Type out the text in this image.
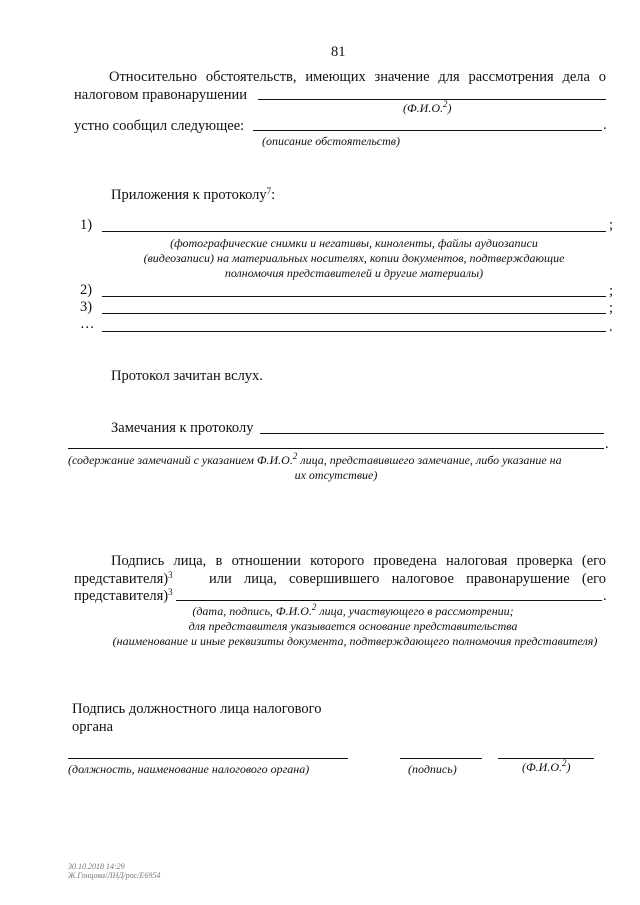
81
Относительно обстоятельств, имеющих значение для рассмотрения дела о
налоговом правонарушении
(Ф.И.О.$^2$)
устно сообщил следующее:	.
(описание обстоятельств)
Приложения к протоколу$^7$:
1)	;
(фотографические снимки и негативы, киноленты, файлы аудиозаписи
(видеозаписи) на материальных носителях, копии документов, подтверждающие
полномочия представителей и другие материалы)
2)	;
3)	;
…	.
Протокол зачитан вслух.
Замечания к протоколу
.
(содержание замечаний с указанием Ф.И.О.$^2$ лица, представившего замечание, либо указание на
их отсутствие)
Подпись лица, в отношении которого проведена налоговая проверка (его
представителя)$^3$	или лица, совершившего налоговое правонарушение (его
представителя)$^3$	.
(дата, подпись, Ф.И.О.$^2$ лица, участвующего в рассмотрении;
для представителя указывается основание представительства
(наименование и иные реквизиты документа, подтверждающего полномочия представителя)
Подпись должностного лица налогового
органа
(должность, наименование налогового органа)	(подпись)	(Ф.И.О.$^2$)
30.10.2018 14:29
Ж.Гонцова/ЛНД/рос/Е6954
